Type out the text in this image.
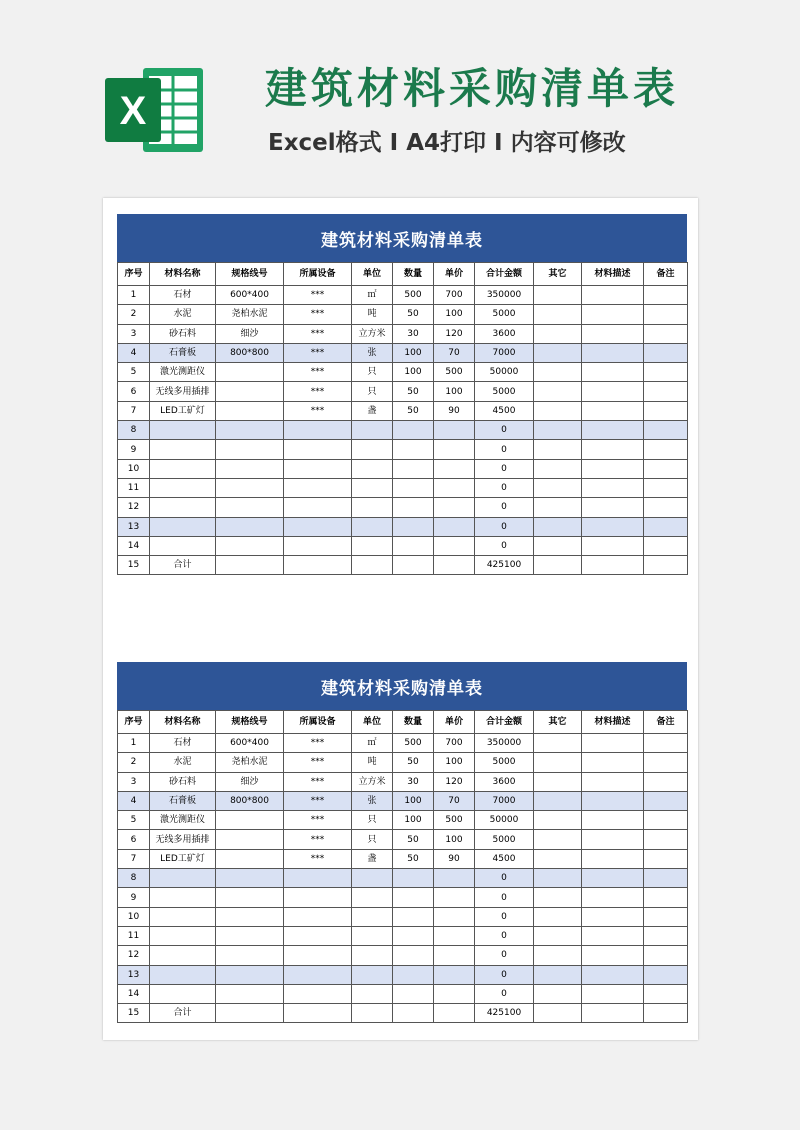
X	建筑材料采购清单表
Excel格式 I A4打印 I 内容可修改
建筑材料采购清单表
序号	材料名称	规格线号	所属设备	单位	数量	单价	合计金额	其它	材料描述	备注
1	石材	600*400	***	㎡	500	700	350000			
2	水泥	尧柏水泥	***	吨	50	100	5000			
3	砂石料	细沙	***	立方米	30	120	3600			
4	石膏板	800*800	***	张	100	70	7000			
5	激光测距仪		***	只	100	500	50000			
6	无线多用插排		***	只	50	100	5000			
7	LED工矿灯		***	盏	50	90	4500			
8							0			
9							0			
10							0			
11							0			
12							0			
13							0			
14							0			
15	合计						425100			
建筑材料采购清单表
序号	材料名称	规格线号	所属设备	单位	数量	单价	合计金额	其它	材料描述	备注
1	石材	600*400	***	㎡	500	700	350000			
2	水泥	尧柏水泥	***	吨	50	100	5000			
3	砂石料	细沙	***	立方米	30	120	3600			
4	石膏板	800*800	***	张	100	70	7000			
5	激光测距仪		***	只	100	500	50000			
6	无线多用插排		***	只	50	100	5000			
7	LED工矿灯		***	盏	50	90	4500			
8							0			
9							0			
10							0			
11							0			
12							0			
13							0			
14							0			
15	合计						425100			
